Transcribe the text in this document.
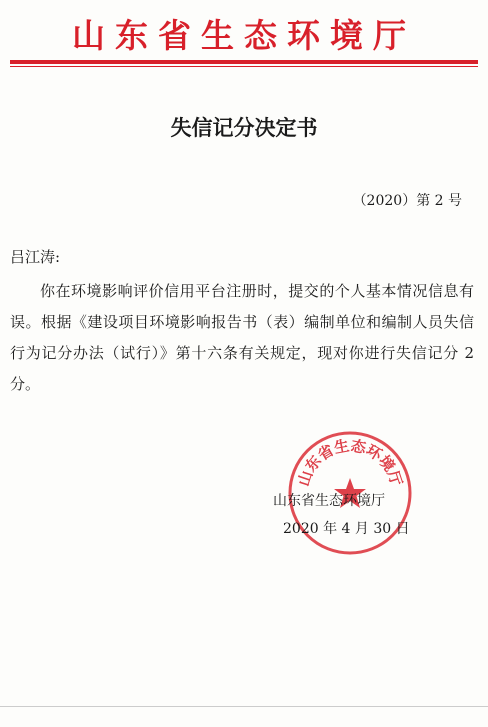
山东省生态环境厅
失信记分决定书
（2020）第 2 号
吕江涛:
你在环境影响评价信用平台注册时，提交的个人基本情况信息有误。根据《建设项目环境影响报告书（表）编制单位和编制人员失信行为记分办法（试行）》第十六条有关规定，现对你进行失信记分 2分。
山东省生态环境厅
山东省生态环境厅
2020 年 4 月 30 日
